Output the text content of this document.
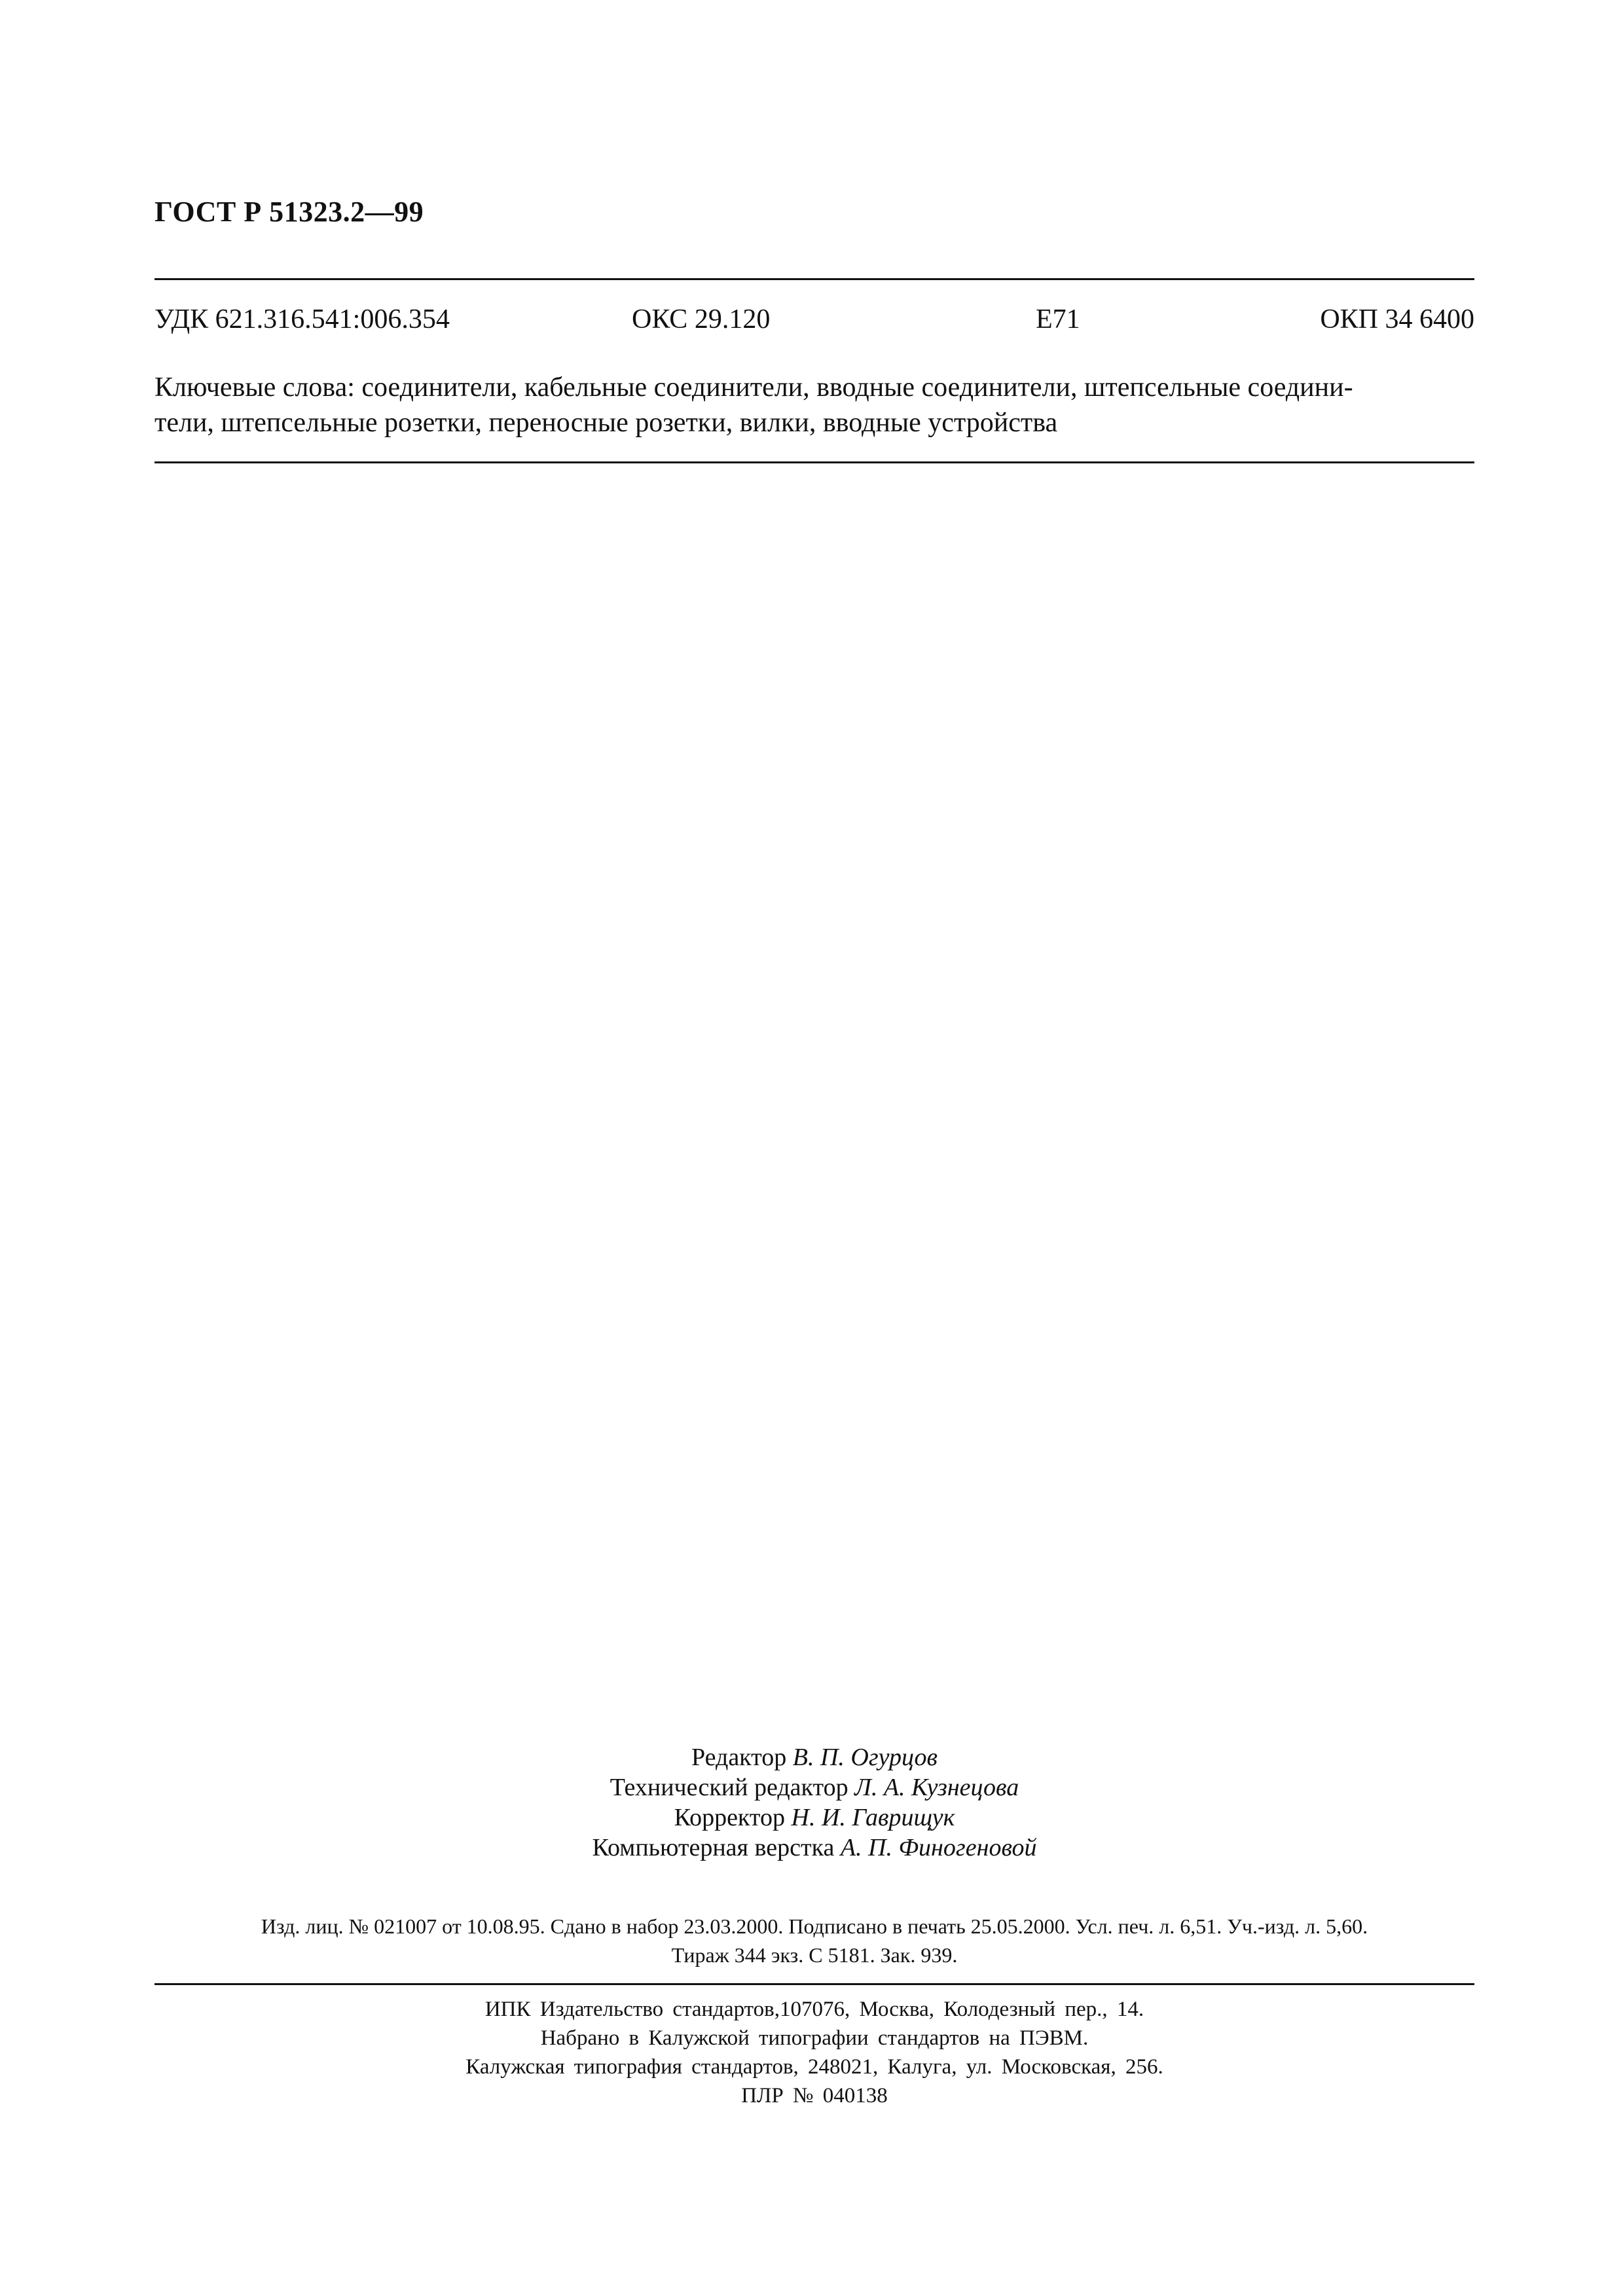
ГОСТ Р 51323.2—99
УДК 621.316.541:006.354	ОКС 29.120	Е71	ОКП 34 6400
Ключевые слова: соединители, кабельные соединители, вводные соединители, штепсельные соедини-
тели, штепсельные розетки, переносные розетки, вилки, вводные устройства
Редактор В. П. Огурцов
Технический редактор Л. А. Кузнецова
Корректор Н. И. Гаврищук
Компьютерная верстка А. П. Финогеновой
Изд. лиц. № 021007 от 10.08.95. Сдано в набор 23.03.2000. Подписано в печать 25.05.2000. Усл. печ. л. 6,51. Уч.-изд. л. 5,60.
Тираж 344 экз. С 5181. Зак. 939.
ИПК Издательство стандартов,107076, Москва, Колодезный пер., 14.
Набрано в Калужской типографии стандартов на ПЭВМ.
Калужская типография стандартов, 248021, Калуга, ул. Московская, 256.
ПЛР № 040138
